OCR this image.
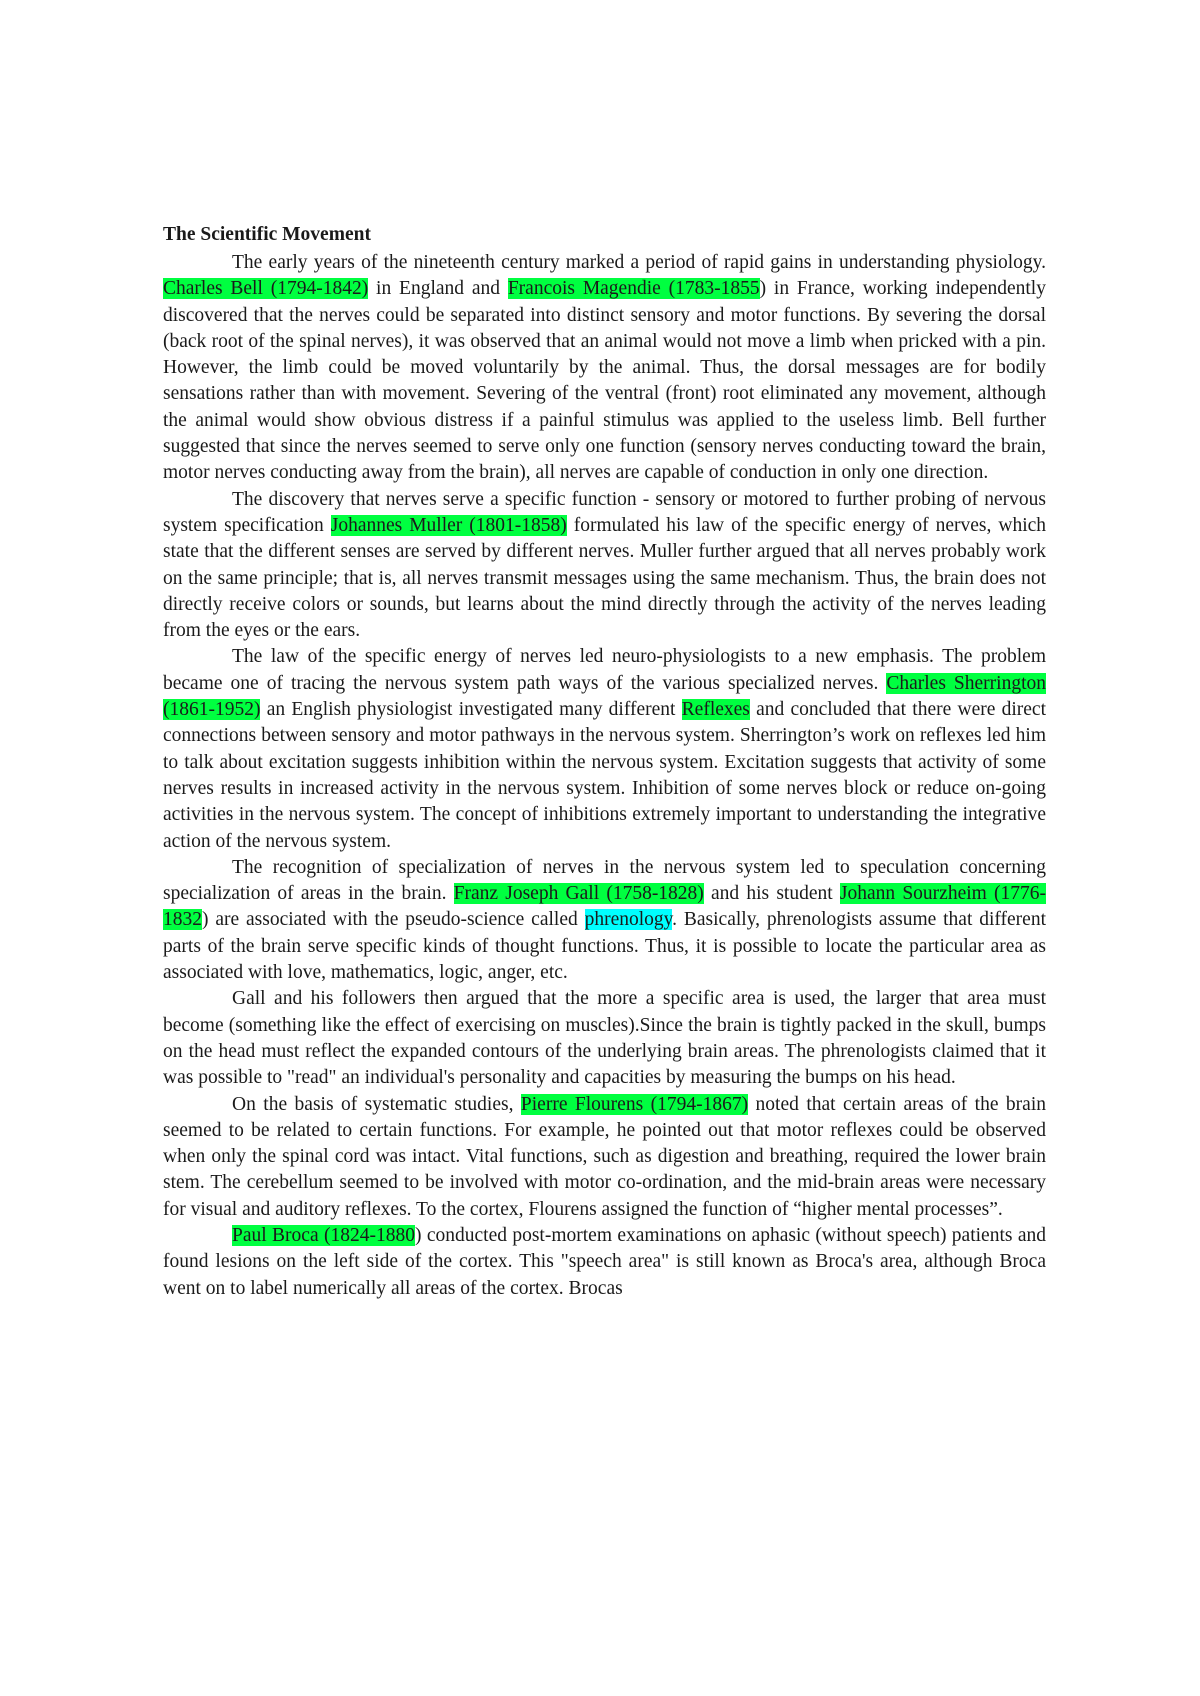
The Scientific Movement

The early years of the nineteenth century marked a period of rapid gains in understanding physiology. Charles Bell (1794-1842) in England and Francois Magendie (1783-1855) in France, working independently discovered that the nerves could be separated into distinct sensory and motor functions. By severing the dorsal (back root of the spinal nerves), it was observed that an animal would not move a limb when pricked with a pin. However, the limb could be moved voluntarily by the animal. Thus, the dorsal messages are for bodily sensations rather than with movement. Severing of the ventral (front) root eliminated any movement, although the animal would show obvious distress if a painful stimulus was applied to the useless limb. Bell further suggested that since the nerves seemed to serve only one function (sensory nerves conducting toward the brain, motor nerves conducting away from the brain), all nerves are capable of conduction in only one direction.

The discovery that nerves serve a specific function - sensory or motored to further probing of nervous system specification Johannes Muller (1801-1858) formulated his law of the specific energy of nerves, which state that the different senses are served by different nerves. Muller further argued that all nerves probably work on the same principle; that is, all nerves transmit messages using the same mechanism. Thus, the brain does not directly receive colors or sounds, but learns about the mind directly through the activity of the nerves leading from the eyes or the ears.

The law of the specific energy of nerves led neuro-physiologists to a new emphasis. The problem became one of tracing the nervous system path ways of the various specialized nerves. Charles Sherrington (1861-1952) an English physiologist investigated many different Reflexes and concluded that there were direct connections between sensory and motor pathways in the nervous system. Sherrington’s work on reflexes led him to talk about excitation suggests inhibition within the nervous system. Excitation suggests that activity of some nerves results in increased activity in the nervous system. Inhibition of some nerves block or reduce on-going activities in the nervous system. The concept of inhibitions extremely important to understanding the integrative action of the nervous system.

The recognition of specialization of nerves in the nervous system led to speculation concerning specialization of areas in the brain. Franz Joseph Gall (1758-1828) and his student Johann Sourzheim (1776-1832) are associated with the pseudo-science called phrenology. Basically, phrenologists assume that different parts of the brain serve specific kinds of thought functions. Thus, it is possible to locate the particular area as associated with love, mathematics, logic, anger, etc.

Gall and his followers then argued that the more a specific area is used, the larger that area must become (something like the effect of exercising on muscles).Since the brain is tightly packed in the skull, bumps on the head must reflect the expanded contours of the underlying brain areas. The phrenologists claimed that it was possible to "read" an individual's personality and capacities by measuring the bumps on his head.

On the basis of systematic studies, Pierre Flourens (1794-1867) noted that certain areas of the brain seemed to be related to certain functions. For example, he pointed out that motor reflexes could be observed when only the spinal cord was intact. Vital functions, such as digestion and breathing, required the lower brain stem. The cerebellum seemed to be involved with motor co-ordination, and the mid-brain areas were necessary for visual and auditory reflexes. To the cortex, Flourens assigned the function of “higher mental processes”.

Paul Broca (1824-1880) conducted post-mortem examinations on aphasic (without speech) patients and found lesions on the left side of the cortex. This "speech area" is still known as Broca's area, although Broca went on to label numerically all areas of the cortex. Brocas
